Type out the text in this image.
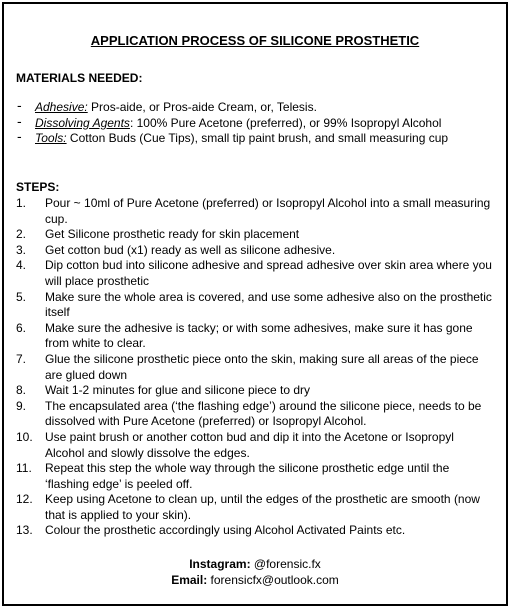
APPLICATION PROCESS OF SILICONE PROSTHETIC
MATERIALS NEEDED:
- Adhesive: Pros-aide, or Pros-aide Cream, or, Telesis.
- Dissolving Agents: 100% Pure Acetone (preferred), or 99% Isopropyl Alcohol
- Tools: Cotton Buds (Cue Tips), small tip paint brush, and small measuring cup
STEPS:
1. Pour ~ 10ml of Pure Acetone (preferred) or Isopropyl Alcohol into a small measuring cup.
2. Get Silicone prosthetic ready for skin placement
3. Get cotton bud (x1) ready as well as silicone adhesive.
4. Dip cotton bud into silicone adhesive and spread adhesive over skin area where you will place prosthetic
5. Make sure the whole area is covered, and use some adhesive also on the prosthetic itself
6. Make sure the adhesive is tacky; or with some adhesives, make sure it has gone from white to clear.
7. Glue the silicone prosthetic piece onto the skin, making sure all areas of the piece are glued down
8. Wait 1-2 minutes for glue and silicone piece to dry
9. The encapsulated area (‘the flashing edge’) around the silicone piece, needs to be dissolved with Pure Acetone (preferred) or Isopropyl Alcohol.
10. Use paint brush or another cotton bud and dip it into the Acetone or Isopropyl Alcohol and slowly dissolve the edges.
11. Repeat this step the whole way through the silicone prosthetic edge until the ‘flashing edge’ is peeled off.
12. Keep using Acetone to clean up, until the edges of the prosthetic are smooth (now that is applied to your skin).
13. Colour the prosthetic accordingly using Alcohol Activated Paints etc.
Instagram: @forensic.fx
Email: forensicfx@outlook.com
